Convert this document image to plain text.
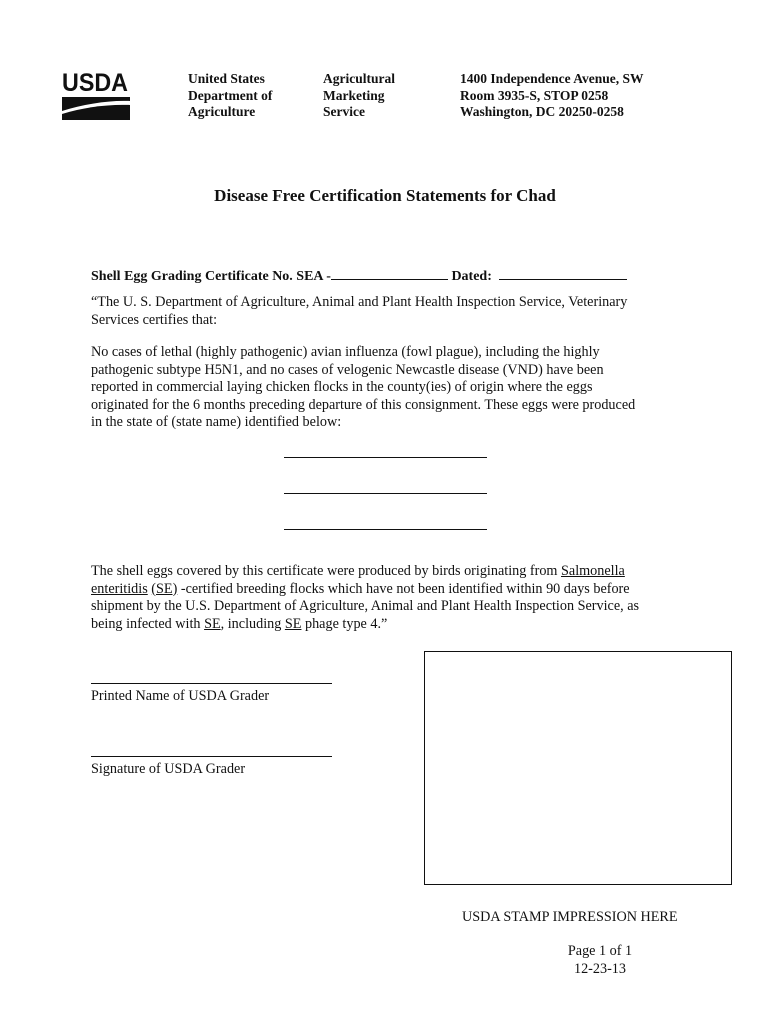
USDA	United States
Department of
Agriculture
Agricultural
Marketing
Service
1400 Independence Avenue, SW
Room 3935-S, STOP 0258
Washington, DC 20250-0258
Disease Free Certification Statements for Chad
Shell Egg Grading Certificate No. SEA -	Dated:
“The U. S. Department of Agriculture, Animal and Plant Health Inspection Service, Veterinary
Services certifies that:
No cases of lethal (highly pathogenic) avian influenza (fowl plague), including the highly
pathogenic subtype H5N1, and no cases of velogenic Newcastle disease (VND) have been
reported in commercial laying chicken flocks in the county(ies) of origin where the eggs
originated for the 6 months preceding departure of this consignment. These eggs were produced
in the state of (state name) identified below:
The shell eggs covered by this certificate were produced by birds originating from Salmonella
enteritidis (SE) -certified breeding flocks which have not been identified within 90 days before
shipment by the U.S. Department of Agriculture, Animal and Plant Health Inspection Service, as
being infected with SE, including SE phage type 4.”
Printed Name of USDA Grader
Signature of USDA Grader
USDA STAMP IMPRESSION HERE
Page 1 of 1
12-23-13
